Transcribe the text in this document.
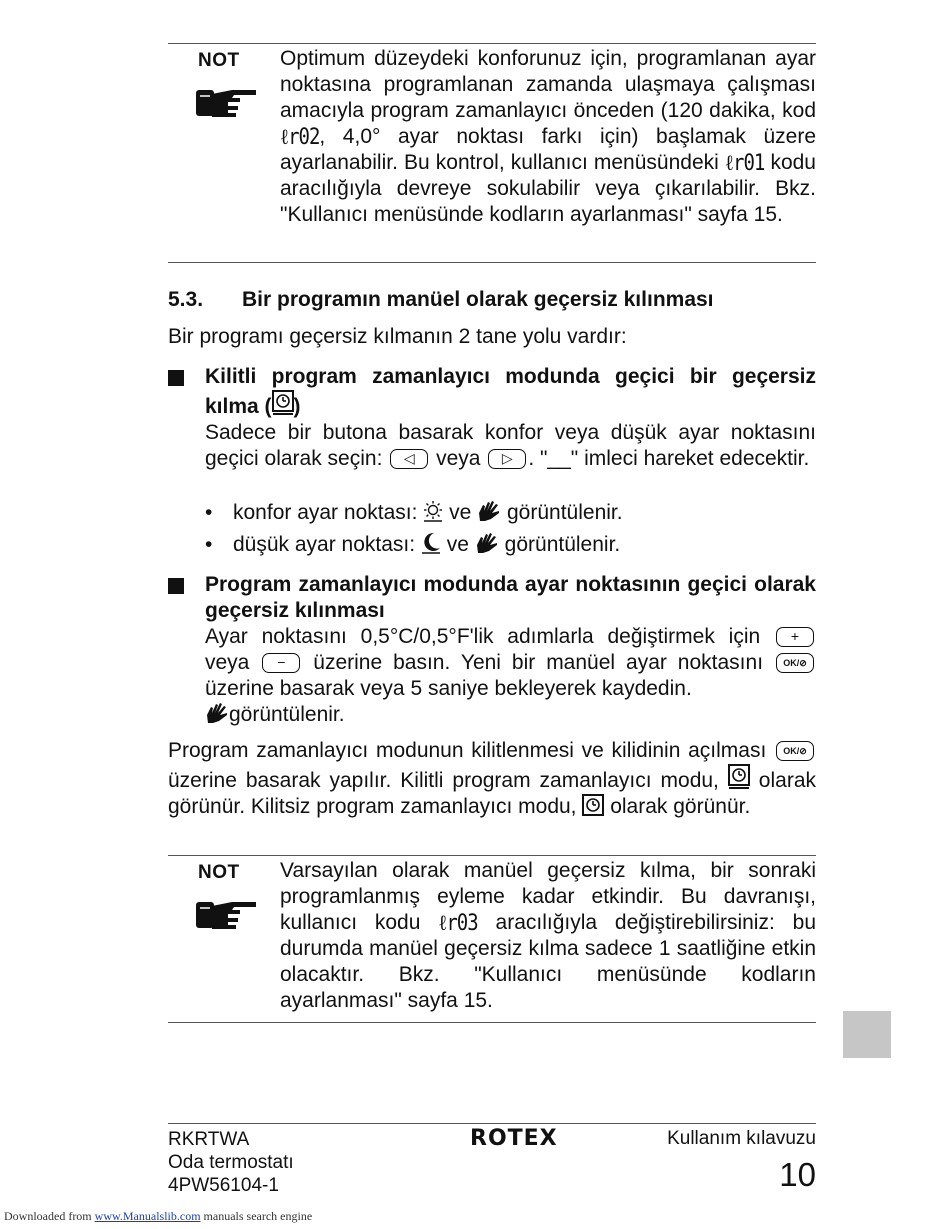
NOT Optimum düzeydeki konforunuz için, programlanan ayar noktasına programlanan zamanda ulaşmaya çalışması amacıyla program zamanlayıcı önceden (120 dakika, kod ℓr02, 4,0° ayar noktası farkı için) başlamak üzere ayarlanabilir. Bu kontrol, kullanıcı menüsündeki ℓr01 kodu aracılığıyla devreye sokulabilir veya çıkarılabilir. Bkz. "Kullanıcı menüsünde kodların ayarlanması" sayfa 15.
5.3. Bir programın manüel olarak geçersiz kılınması
Bir programı geçersiz kılmanın 2 tane yolu vardır:
Kilitli program zamanlayıcı modunda geçici bir geçersiz kılma ( )
Sadece bir butona basarak konfor veya düşük ayar noktasını geçici olarak seçin:	◁	veya	▷ . "__" imleci hareket edecektir.
• konfor ayar noktası: ve görüntülenir.
• düşük ayar noktası: ve görüntülenir.
Program zamanlayıcı modunda ayar noktasının geçici olarak geçersiz kılınması
Ayar noktasını 0,5°C/0,5°F'lik adımlarla değiştirmek için	+
veya	−	üzerine basın. Yeni bir manüel ayar noktasını	OK/⊘
üzerine basarak veya 5 saniye bekleyerek kaydedin.
görüntülenir.
Program zamanlayıcı modunun kilitlenmesi ve kilidinin açılması	OK/⊘
üzerine basarak yapılır. Kilitli program zamanlayıcı modu, olarak görünür. Kilitsiz program zamanlayıcı modu, olarak görünür.
NOT Varsayılan olarak manüel geçersiz kılma, bir sonraki programlanmış eyleme kadar etkindir. Bu davranışı, kullanıcı kodu ℓr03 aracılığıyla değiştirebilirsiniz: bu durumda manüel geçersiz kılma sadece 1 saatliğine etkin olacaktır. Bkz. "Kullanıcı menüsünde kodların ayarlanması" sayfa 15.
RKRTWA
Oda termostatı
4PW56104-1
ROTEX	Kullanım kılavuzu
10
Downloaded from www.Manualslib.com manuals search engine
